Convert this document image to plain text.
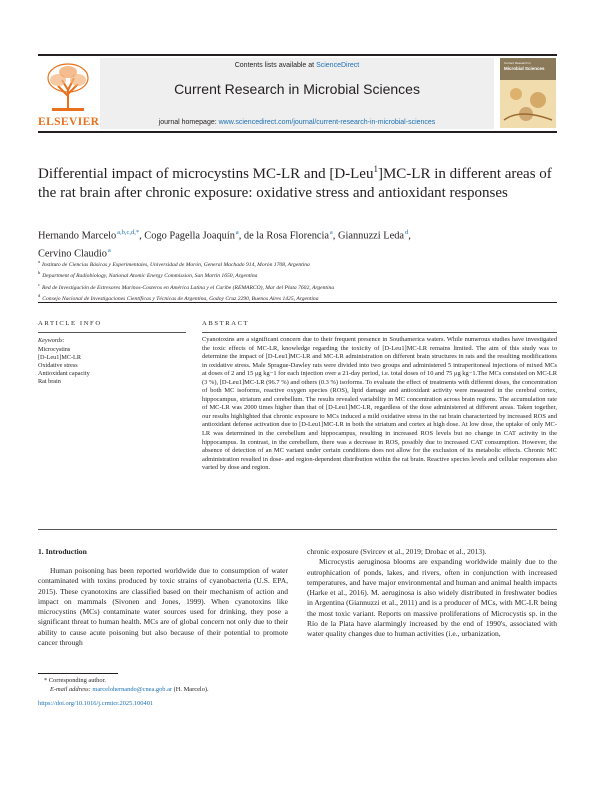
ELSEVIER
Contents lists available at ScienceDirect
Current Research in Microbial Sciences
journal homepage: www.sciencedirect.com/journal/current-research-in-microbial-sciences
Current Research in
Microbial Sciences
Differential impact of microcystins MC-LR and [D-Leu$^1$]MC-LR in different areas of the rat brain after chronic exposure: oxidative stress and antioxidant responses
Hernando Marcelo $^{a,b,c,d,*}$, Cogo Pagella Joaquín $^a$, de la Rosa Florencia $^a$, Giannuzzi Leda $^d$,
Cervino Claudio $^a$
$^a$Instituto de Ciencias Básicas y Experimentales, Universidad de Morón, General Machado 914, Morón 1708, Argentina
$^b$Department of Radiobiology, National Atomic Energy Commission, San Martin 1650, Argentina
$^c$Red de Investigación de Estresores Marinos-Costeros en América Latina y el Caribe (REMARCO), Mar del Plata 7602, Argentina
$^d$Consejo Nacional de Investigaciones Científicas y Técnicas de Argentina, Godoy Cruz 2290, Buenos Aires 1425, Argentina
ARTICLE INFO	ABSTRACT
Keywords:
Microcystins
[D-Leu1]MC-LR
Oxidative stress
Antioxidant capacity
Rat brain
Cyanotoxins are a significant concern due to their frequent presence in Southamerica waters. While numerous studies have investigated the toxic effects of MC-LR, knowledge regarding the toxicity of [D-Leu1]MC-LR remains limited. The aim of this study was to determine the impact of [D-Leu1]MC-LR and MC-LR administration on different brain structures in rats and the resulting modifications in oxidative stress. Male Sprague-Dawley rats were divided into two groups and administered 5 intraperitoneal injections of mixed MCs at doses of 2 and 15 μg kg−1 for each injection over a 21-day period, i.e. total doses of 10 and 75 μg kg−1.The MCs consisted on MC-LR (3 %), [D-Leu1]MC-LR (96.7 %) and others (0.3 %) isoforms. To evaluate the effect of treatments with different doses, the concentration of both MC isoforms, reactive oxygen species (ROS), lipid damage and antioxidant activity were measured in the cerebral cortex, hippocampus, striatum and cerebellum. The results revealed variability in MC concentration across brain regions. The accumulation rate of MC-LR was 2000 times higher than that of [D-Leu1]MC-LR, regardless of the dose administered at different areas. Taken together, our results highlighted that chronic exposure to MCs induced a mild oxidative stress in the rat brain characterized by increased ROS and antioxidant defense activation due to [D-Leu1]MC-LR in both the striatum and cortex at high dose. At low dose, the uptake of only MC-LR was determined in the cerebellum and hippocampus, resulting in increased ROS levels but no change in CAT activity in the hippocampus. In contrast, in the cerebellum, there was a decrease in ROS, possibly due to increased CAT consumption. However, the absence of detection of an MC variant under certain conditions does not allow for the exclusion of its metabolic effects. Chronic MC administration resulted in dose- and region-dependent distribution within the rat brain. Reactive species levels and cellular responses also varied by dose and region.
1. Introduction
Human poisoning has been reported worldwide due to consumption of water contaminated with toxins produced by toxic strains of cyanobacteria (U.S. EPA, 2015). These cyanotoxins are classified based on their mechanism of action and impact on mammals (Sivonen and Jones, 1999). When cyanotoxins like microcystins (MCs) contaminate water sources used for drinking, they pose a significant threat to human health. MCs are of global concern not only due to their ability to cause acute poisoning but also because of their potential to promote cancer through
chronic exposure (Svircev et al., 2019; Drobac et al., 2013).
Microcystis aeruginosa blooms are expanding worldwide mainly due to the eutrophication of ponds, lakes, and rivers, often in conjunction with increased temperatures, and have major environmental and human and animal health impacts (Harke et al., 2016). M. aeruginosa is also widely distributed in freshwater bodies in Argentina (Giannuzzi et al., 2011) and is a producer of MCs, with MC-LR being the most toxic variant. Reports on massive proliferations of Microcystis sp. in the Río de la Plata have alarmingly increased by the end of 1990's, associated with water quality changes due to human activities (i.e., urbanization,
* Corresponding author.
E-mail address: marcelohernando@cnea.gob.ar (H. Marcelo).
https://doi.org/10.1016/j.crmicr.2025.100401
